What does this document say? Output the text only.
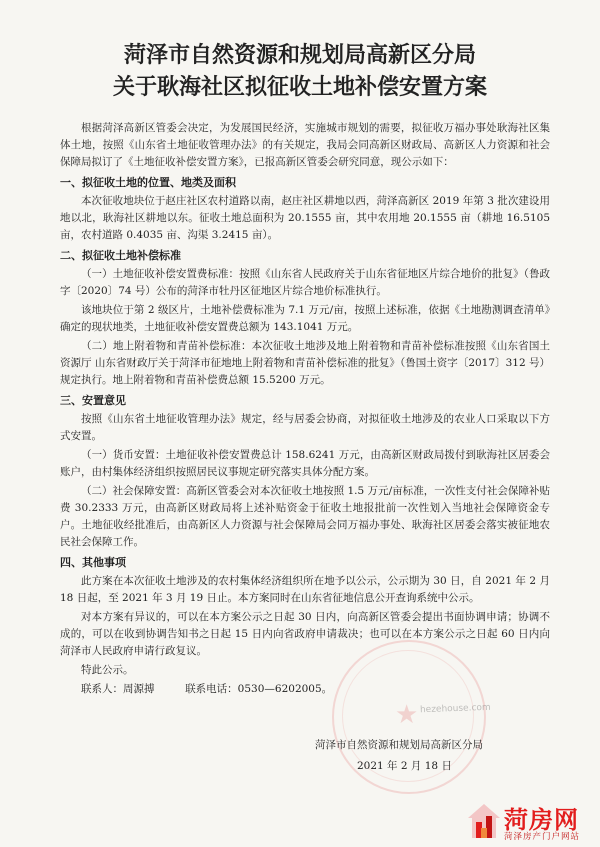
菏泽市自然资源和规划局高新区分局
关于耿海社区拟征收土地补偿安置方案

根据菏泽高新区管委会决定，为发展国民经济，实施城市规划的需要，拟征收万福办事处耿海社区集体土地，按照《山东省土地征收管理办法》的有关规定，我局会同高新区财政局、高新区人力资源和社会保障局拟订了《土地征收补偿安置方案》，已报高新区管委会研究同意，现公示如下：

一、拟征收土地的位置、地类及面积

本次征收地块位于赵庄社区农村道路以南，赵庄社区耕地以西，菏泽高新区 2019 年第 3 批次建设用地以北，耿海社区耕地以东。征收土地总面积为 20.1555 亩，其中农用地 20.1555 亩（耕地 16.5105 亩，农村道路 0.4035 亩、沟渠 3.2415 亩）。

二、拟征收土地补偿标准

（一）土地征收补偿安置费标准：按照《山东省人民政府关于山东省征地区片综合地价的批复》（鲁政字〔2020〕74 号）公布的菏泽市牡丹区征地区片综合地价标准执行。

该地块位于第 2 级区片，土地补偿费标准为 7.1 万元/亩，按照上述标准，依据《土地勘测调查清单》确定的现状地类，土地征收补偿安置费总额为 143.1041 万元。

（二）地上附着物和青苗补偿标准：本次征收土地涉及地上附着物和青苗补偿标准按照《山东省国土资源厅 山东省财政厅关于菏泽市征地地上附着物和青苗补偿标准的批复》（鲁国土资字〔2017〕312 号）规定执行。地上附着物和青苗补偿费总额 15.5200 万元。

三、安置意见

按照《山东省土地征收管理办法》规定，经与居委会协商，对拟征收土地涉及的农业人口采取以下方式安置。

（一）货币安置：土地征收补偿安置费总计 158.6241 万元，由高新区财政局拨付到耿海社区居委会账户，由村集体经济组织按照居民议事规定研究落实具体分配方案。

（二）社会保障安置：高新区管委会对本次征收土地按照 1.5 万元/亩标准，一次性支付社会保障补贴费 30.2333 万元，由高新区财政局将上述补贴资金于征收土地报批前一次性划入当地社会保障资金专户。土地征收经批准后，由高新区人力资源与社会保障局会同万福办事处、耿海社区居委会落实被征地农民社会保障工作。

四、其他事项

此方案在本次征收土地涉及的农村集体经济组织所在地予以公示，公示期为 30 日，自 2021 年 2 月 18 日起，至 2021 年 3 月 19 日止。本方案同时在山东省征地信息公开查询系统中公示。

对本方案有异议的，可以在本方案公示之日起 30 日内，向高新区管委会提出书面协调申请；协调不成的，可以在收到协调告知书之日起 15 日内向省政府申请裁决；也可以在本方案公示之日起 60 日内向菏泽市人民政府申请行政复议。

特此公示。

联系人：周源搏	联系电话：0530—6202005。

★ hezehouse.com
菏泽市自然资源和规划局高新区分局
2021 年 2 月 18 日
菏房网
菏泽房产门户网站
